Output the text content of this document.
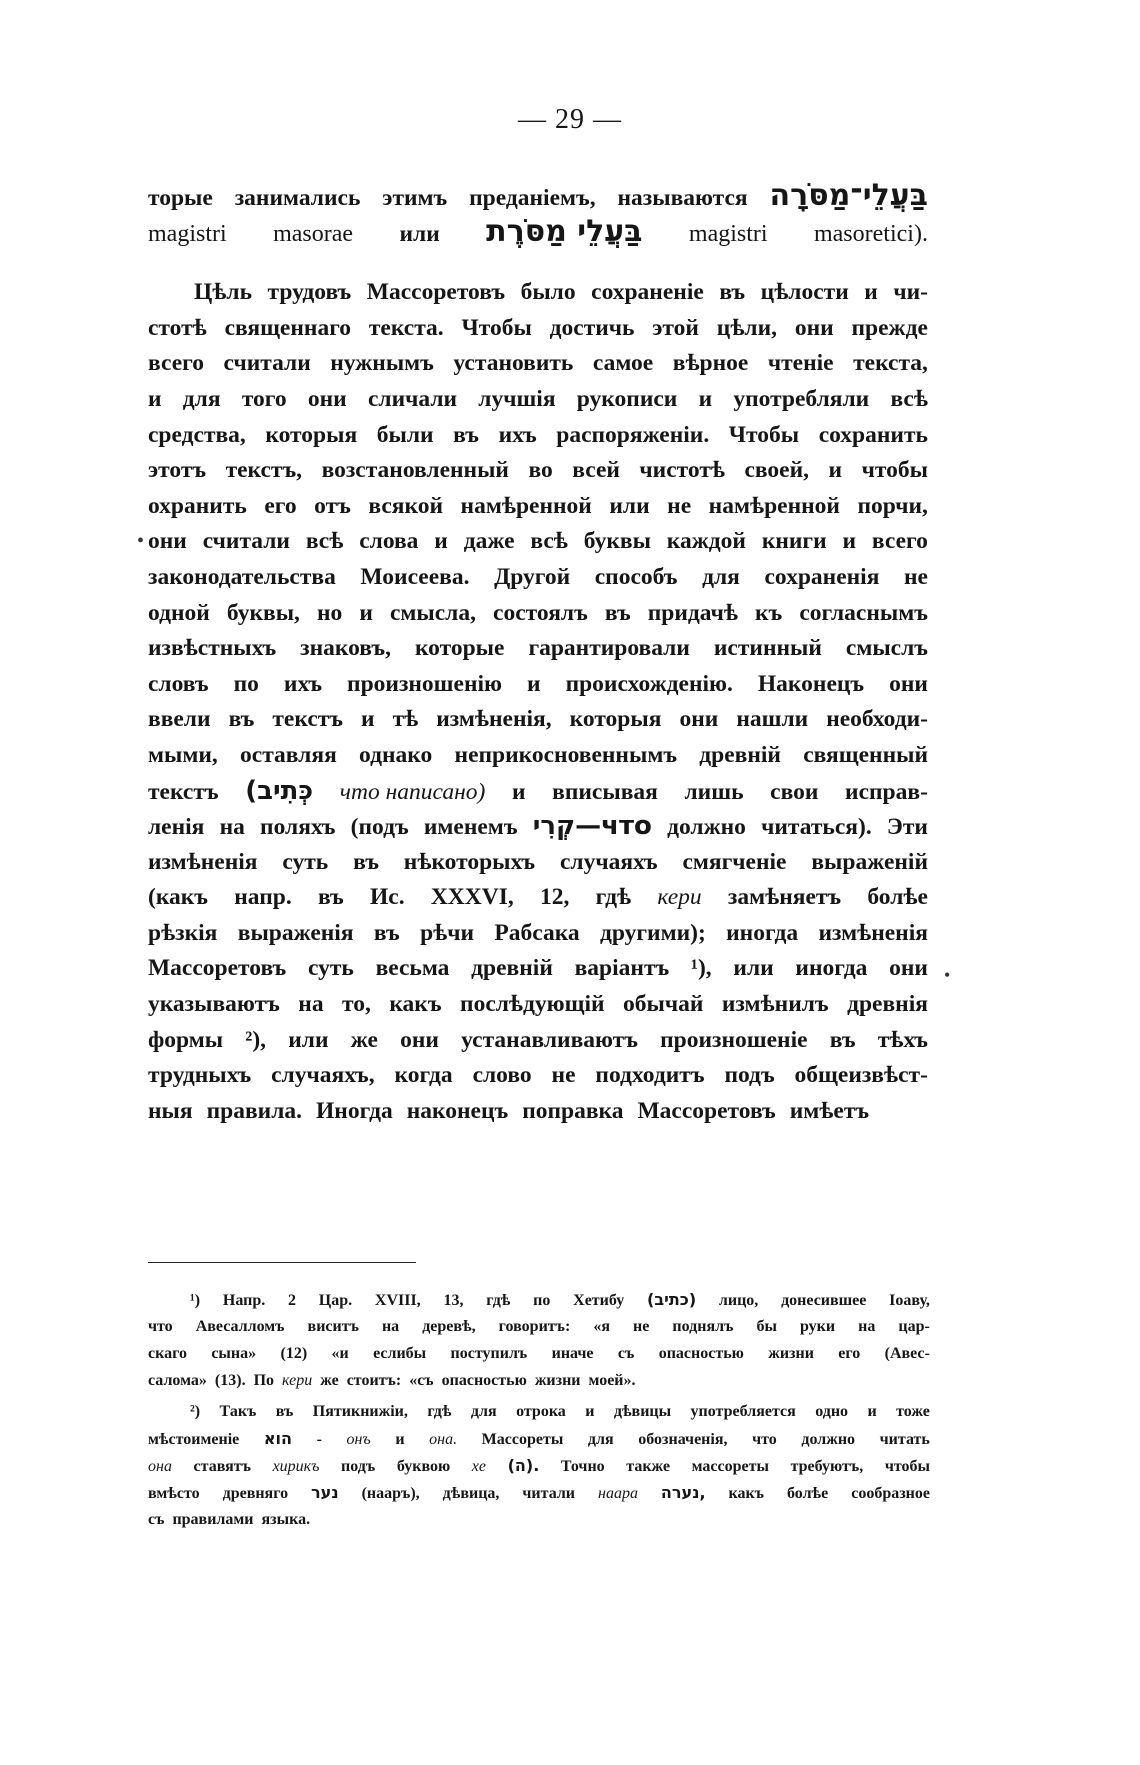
— 29 —
торые занимались этимъ преданіемъ, называются בַּעֲלֵי־מַסֹּרָה
magistri masorae или בַּעֲלֵי מַסֹּרֶת magistri masoretici).
Цѣль трудовъ Массоретовъ было сохраненіе въ цѣлости и чи-
стотѣ священнаго текста. Чтобы достичь этой цѣли, они прежде
всего считали нужнымъ установить самое вѣрное чтеніе текста,
и для того они сличали лучшія рукописи и употребляли всѣ
средства, которыя были въ ихъ распоряженіи. Чтобы сохранить
этотъ текстъ, возстановленный во всей чистотѣ своей, и чтобы
охранить его отъ всякой намѣренной или не намѣренной порчи,
они считали всѣ слова и даже всѣ буквы каждой книги и всего
законодательства Моисеева. Другой способъ для сохраненія не
одной буквы, но и смысла, состоялъ въ придачѣ къ согласнымъ
извѣстныхъ знаковъ, которые гарантировали истинный смыслъ
словъ по ихъ произношенію и происхожденію. Наконецъ они
ввели въ текстъ и тѣ измѣненія, которыя они нашли необходи-
мыми, оставляя однако неприкосновеннымъ древній священный
текстъ (כְּתִיב что написано) и вписывая лишь свои исправ-
ленія на поляхъ (подъ именемъ קְרִי—что должно читаться). Эти
измѣненія суть въ нѣкоторыхъ случаяхъ смягченіе выраженій
(какъ напр. въ Ис. XXXVI, 12, гдѣ кери замѣняетъ болѣе
рѣзкія выраженія въ рѣчи Рабсака другими); иногда измѣненія
Массоретовъ суть весьма древній варіантъ ¹), или иногда они
указываютъ на то, какъ послѣдующій обычай измѣнилъ древнія
формы ²), или же они устанавливаютъ произношеніе въ тѣхъ
трудныхъ случаяхъ, когда слово не подходитъ подъ общеизвѣст-
ныя правила. Иногда наконецъ поправка Массоретовъ имѣетъ
¹) Напр. 2 Цар. XVIII, 13, гдѣ по Хетибу (כתיב) лицо, донесившее Іоаву,
что Авесалломъ виситъ на деревѣ, говоритъ: «я не поднялъ бы руки на цар-
скаго сына» (12) «и еслибы поступилъ иначе съ опасностью жизни его (Авес-
салома» (13). По кери же стоитъ: «съ опасностью жизни моей».
²) Такъ въ Пятикнижіи, гдѣ для отрока и дѣвицы употребляется одно и тоже
мѣстоименіе הוא - онъ и она. Массореты для обозначенія, что должно читать
она ставятъ хирикъ подъ буквою хе (ה). Точно также массореты требуютъ, чтобы
вмѣсто древняго נער (нааръ), дѣвица, читали наара נערה, какъ болѣе сообразное
съ правилами языка.
•
•
